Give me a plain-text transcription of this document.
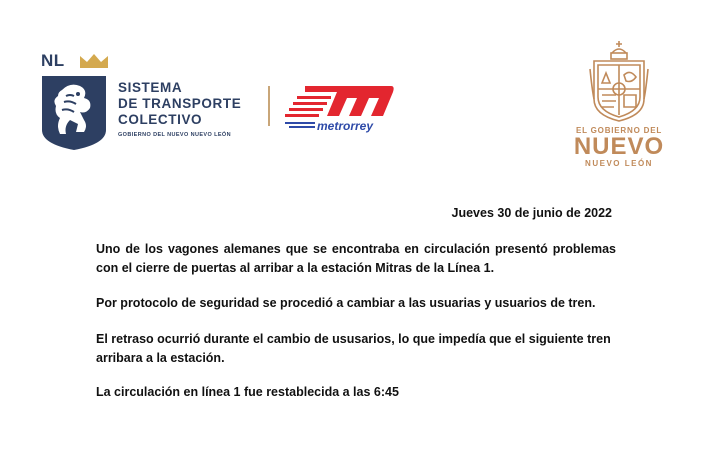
NL
SISTEMA
DE TRANSPORTE
COLECTIVO
GOBIERNO DEL NUEVO NUEVO LEÓN
metrorrey	EL GOBIERNO DEL
NUEVO
NUEVO LEÓN
Jueves 30 de junio de 2022

Uno de los vagones alemanes que se encontraba en circulación presentó problemas con el cierre de puertas al arribar a la estación Mitras de la Línea 1.

Por protocolo de seguridad se procedió a cambiar a las usuarias y usuarios de tren.

El retraso ocurrió durante el cambio de ususarios, lo que impedía que el siguiente tren arribara a la estación.

La circulación en línea 1 fue restablecida a las 6:45
